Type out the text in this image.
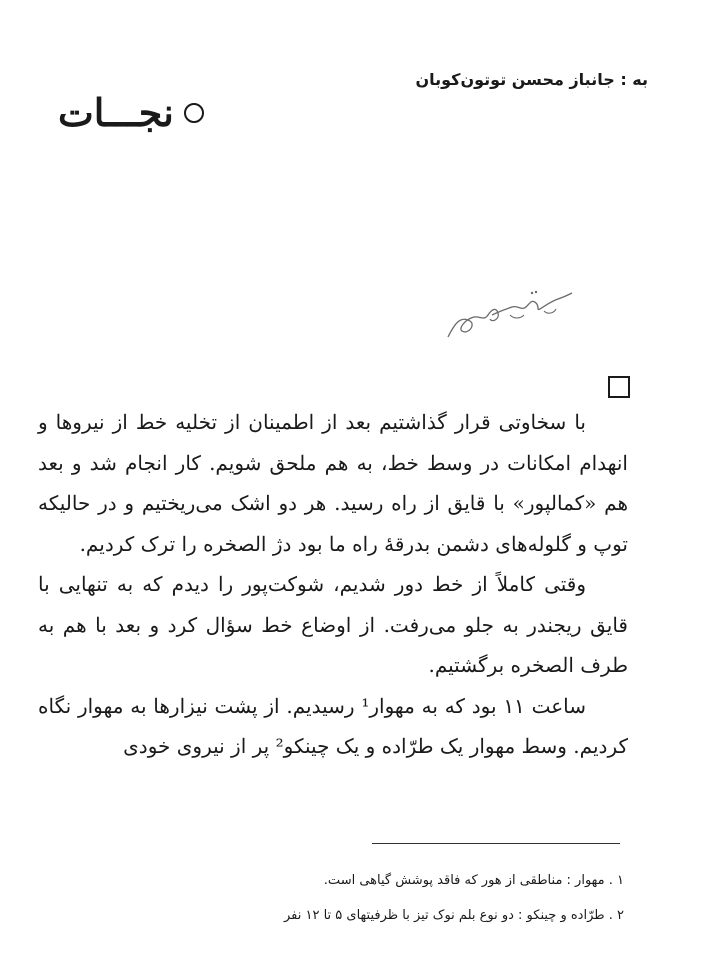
به : جانباز محسن توتون‌کوبان
نجـــات

با سخاوتی قرار گذاشتیم بعد از اطمینان از تخلیه خط از نیروها و انهدام امکانات در وسط خط، به هم ملحق شویم. کار انجام شد و بعد هم «کمالپور» با قایق از راه رسید. هر دو اشک می‌ریختیم و در حالیکه توپ و گلوله‌های دشمن بدرقهٔ راه ما بود دژ الصخره را ترک کردیم.

وقتی کاملاً از خط دور شدیم، شوکت‌پور را دیدم که به تنهایی با قایق ریجندر به جلو می‌رفت. از اوضاع خط سؤال کرد و بعد با هم به طرف الصخره برگشتیم.

ساعت ۱۱ بود که به مهوار¹ رسیدیم. از پشت نیزارها به مهوار نگاه کردیم. وسط مهوار یک طرّاده و یک چینکو² پر از نیروی خودی

۱ . مهوار : مناطقی از هور که فاقد پوشش گیاهی است.
۲ . طرّاده و چینکو : دو نوع بلم نوک تیز با ظرفیتهای ۵ تا ۱۲ نفر
